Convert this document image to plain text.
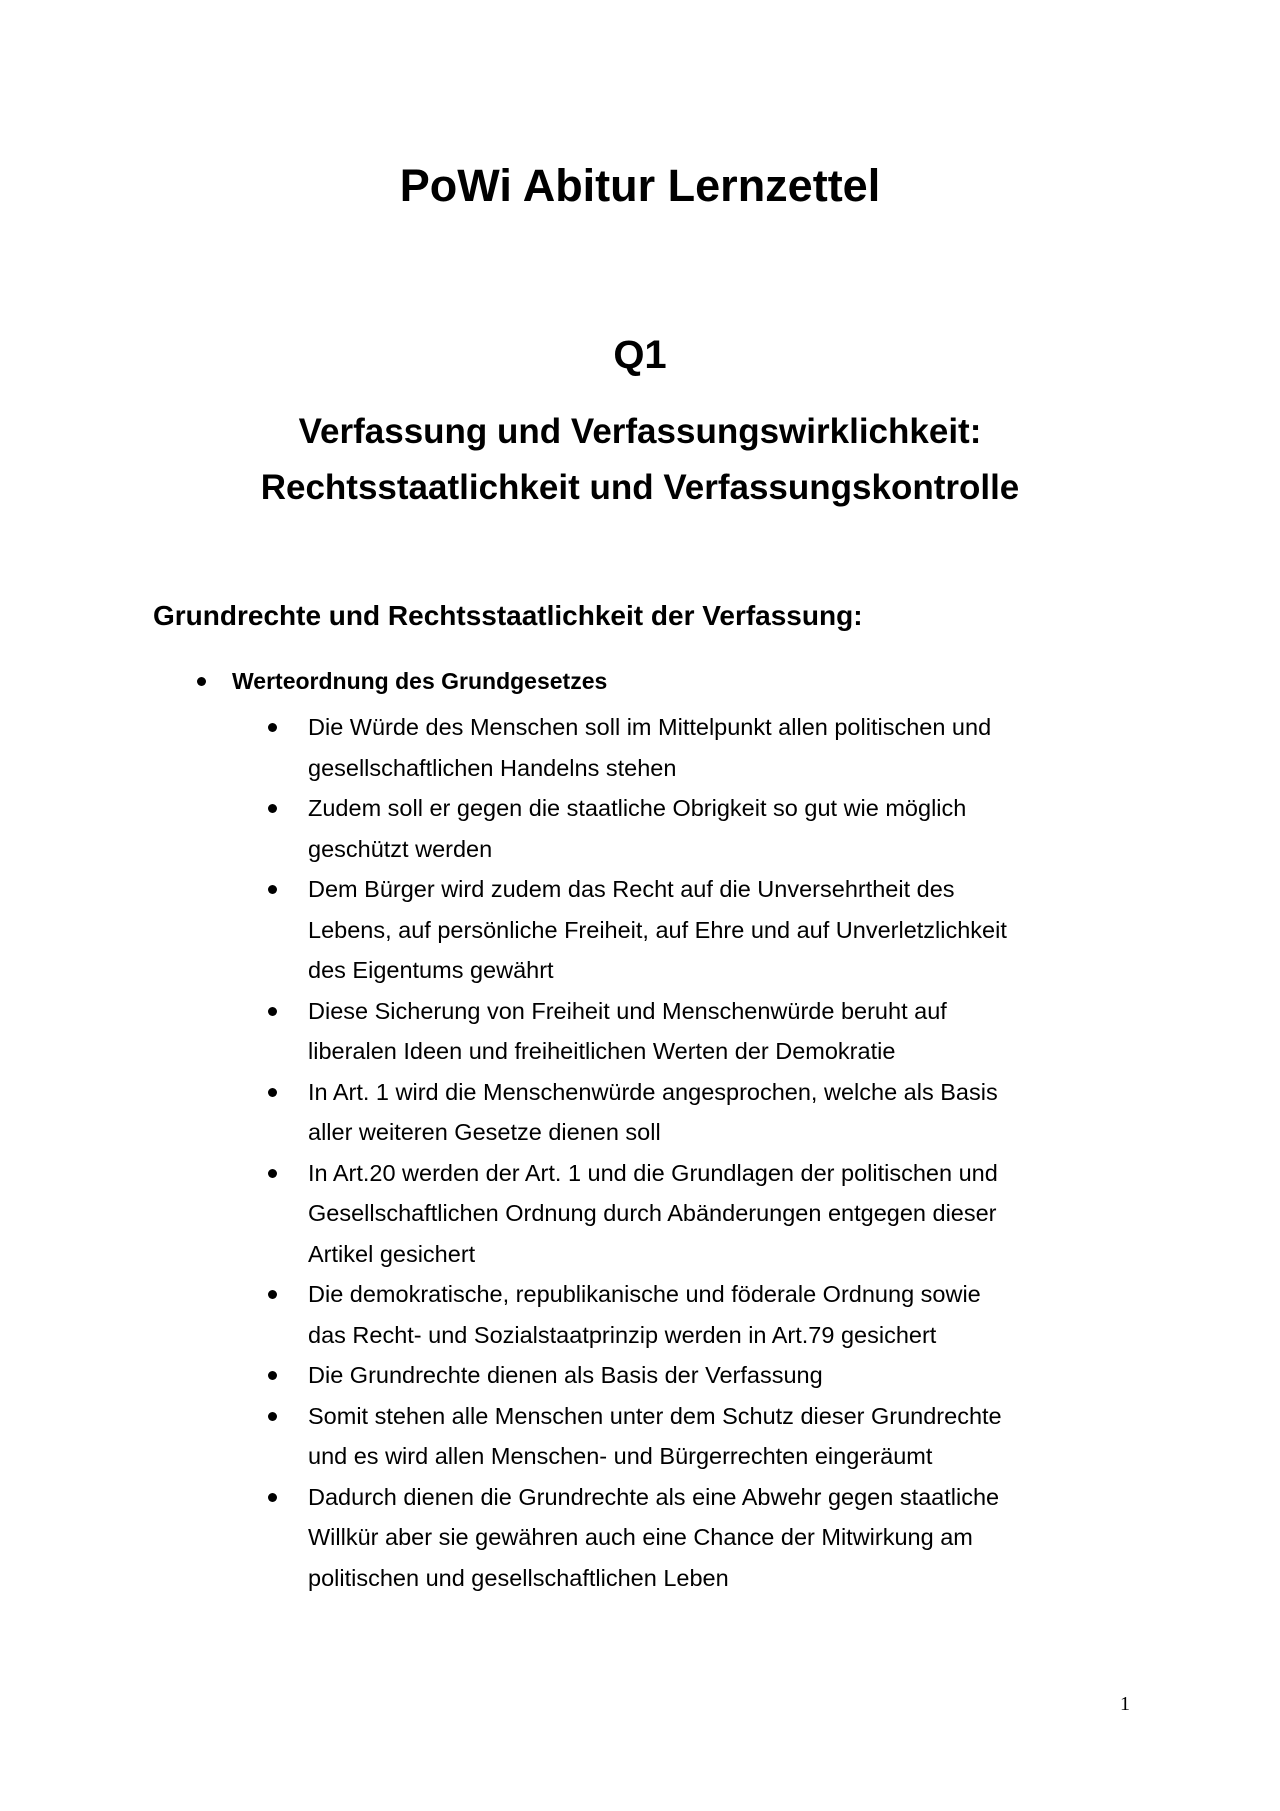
PoWi Abitur Lernzettel
Q1
Verfassung und Verfassungswirklichkeit:
Rechtsstaatlichkeit und Verfassungskontrolle
Grundrechte und Rechtsstaatlichkeit der Verfassung:
Werteordnung des Grundgesetzes
Die Würde des Menschen soll im Mittelpunkt allen politischen und
gesellschaftlichen Handelns stehen
Zudem soll er gegen die staatliche Obrigkeit so gut wie möglich
geschützt werden
Dem Bürger wird zudem das Recht auf die Unversehrtheit des
Lebens, auf persönliche Freiheit, auf Ehre und auf Unverletzlichkeit
des Eigentums gewährt
Diese Sicherung von Freiheit und Menschenwürde beruht auf
liberalen Ideen und freiheitlichen Werten der Demokratie
In Art. 1 wird die Menschenwürde angesprochen, welche als Basis
aller weiteren Gesetze dienen soll
In Art.20 werden der Art. 1 und die Grundlagen der politischen und
Gesellschaftlichen Ordnung durch Abänderungen entgegen dieser
Artikel gesichert
Die demokratische, republikanische und föderale Ordnung sowie
das Recht- und Sozialstaatprinzip werden in Art.79 gesichert
Die Grundrechte dienen als Basis der Verfassung
Somit stehen alle Menschen unter dem Schutz dieser Grundrechte
und es wird allen Menschen- und Bürgerrechten eingeräumt
Dadurch dienen die Grundrechte als eine Abwehr gegen staatliche
Willkür aber sie gewähren auch eine Chance der Mitwirkung am
politischen und gesellschaftlichen Leben
1
